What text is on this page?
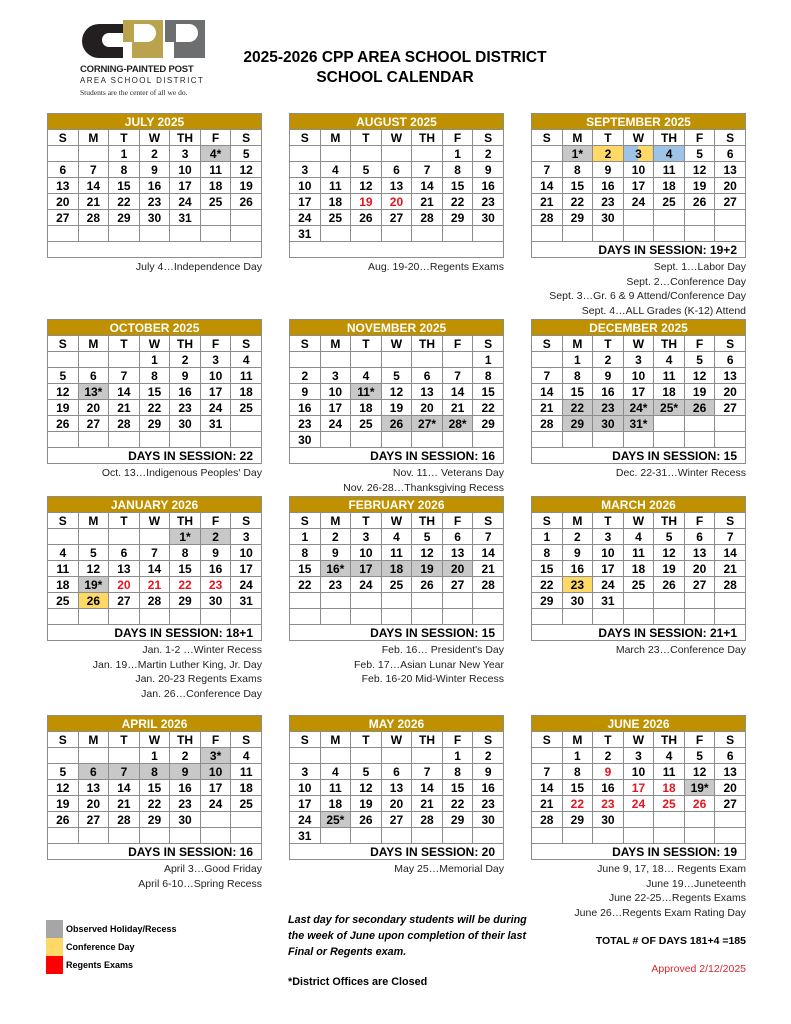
CORNING-PAINTED POST
AREA SCHOOL DISTRICT
Students are the center of all we do.
2025-2026 CPP AREA SCHOOL DISTRICT
SCHOOL CALENDAR
JULY 2025						
S	M	T	W	TH	F	S
		1	2	3	4*	5
6	7	8	9	10	11	12
13	14	15	16	17	18	19
20	21	22	23	24	25	26
27	28	29	30	31		

July 4…Independence Day
AUGUST 2025						
S	M	T	W	TH	F	S
					1	2
3	4	5	6	7	8	9
10	11	12	13	14	15	16
17	18	19	20	21	22	23
24	25	26	27	28	29	30
31						

Aug. 19-20…Regents Exams
SEPTEMBER 2025						
S	M	T	W	TH	F	S
	1*	2	3	4	5	6
7	8	9	10	11	12	13
14	15	16	17	18	19	20
21	22	23	24	25	26	27
28	29	30				

DAYS IN SESSION: 19+2						
Sept. 1…Labor Day
Sept. 2…Conference Day
Sept. 3…Gr. 6 & 9 Attend/Conference Day
Sept. 4…ALL Grades (K-12) Attend
OCTOBER 2025						
S	M	T	W	TH	F	S
			1	2	3	4
5	6	7	8	9	10	11
12	13*	14	15	16	17	18
19	20	21	22	23	24	25
26	27	28	29	30	31	

DAYS IN SESSION: 22						
Oct. 13…Indigenous Peoples' Day
NOVEMBER 2025						
S	M	T	W	TH	F	S
						1
2	3	4	5	6	7	8
9	10	11*	12	13	14	15
16	17	18	19	20	21	22
23	24	25	26	27*	28*	29
30						
DAYS IN SESSION: 16						
Nov. 11… Veterans Day
Nov. 26-28…Thanksgiving Recess
DECEMBER 2025						
S	M	T	W	TH	F	S
	1	2	3	4	5	6
7	8	9	10	11	12	13
14	15	16	17	18	19	20
21	22	23	24*	25*	26	27
28	29	30	31*			

DAYS IN SESSION: 15						
Dec. 22-31…Winter Recess
JANUARY 2026						
S	M	T	W	TH	F	S
				1*	2	3
4	5	6	7	8	9	10
11	12	13	14	15	16	17
18	19*	20	21	22	23	24
25	26	27	28	29	30	31

DAYS IN SESSION: 18+1						
Jan. 1-2 …Winter Recess
Jan. 19…Martin Luther King, Jr. Day
Jan. 20-23 Regents Exams
Jan. 26…Conference Day
FEBRUARY 2026						
S	M	T	W	TH	F	S
1	2	3	4	5	6	7
8	9	10	11	12	13	14
15	16*	17	18	19	20	21
22	23	24	25	26	27	28

DAYS IN SESSION: 15						
Feb. 16… President's Day
Feb. 17…Asian Lunar New Year
Feb. 16-20 Mid-Winter Recess
MARCH 2026						
S	M	T	W	TH	F	S
1	2	3	4	5	6	7
8	9	10	11	12	13	14
15	16	17	18	19	20	21
22	23	24	25	26	27	28
29	30	31				

DAYS IN SESSION: 21+1						
March 23…Conference Day
APRIL 2026						
S	M	T	W	TH	F	S
			1	2	3*	4
5	6	7	8	9	10	11
12	13	14	15	16	17	18
19	20	21	22	23	24	25
26	27	28	29	30		

DAYS IN SESSION: 16						
April 3…Good Friday
April 6-10…Spring Recess
MAY 2026						
S	M	T	W	TH	F	S
					1	2
3	4	5	6	7	8	9
10	11	12	13	14	15	16
17	18	19	20	21	22	23
24	25*	26	27	28	29	30
31						
DAYS IN SESSION: 20						
May 25…Memorial Day
JUNE 2026						
S	M	T	W	TH	F	S
	1	2	3	4	5	6
7	8	9	10	11	12	13
14	15	16	17	18	19*	20
21	22	23	24	25	26	27
28	29	30				

DAYS IN SESSION: 19						
June 9, 17, 18… Regents Exam
June 19…Juneteenth
June 22-25…Regents Exams
June 26…Regents Exam Rating Day
Observed Holiday/Recess
Conference Day
Regents Exams
Last day for secondary students will be during the week of June upon completion of their last Final or Regents exam.
*District Offices are Closed
TOTAL # OF DAYS 181+4 =185
Approved 2/12/2025
